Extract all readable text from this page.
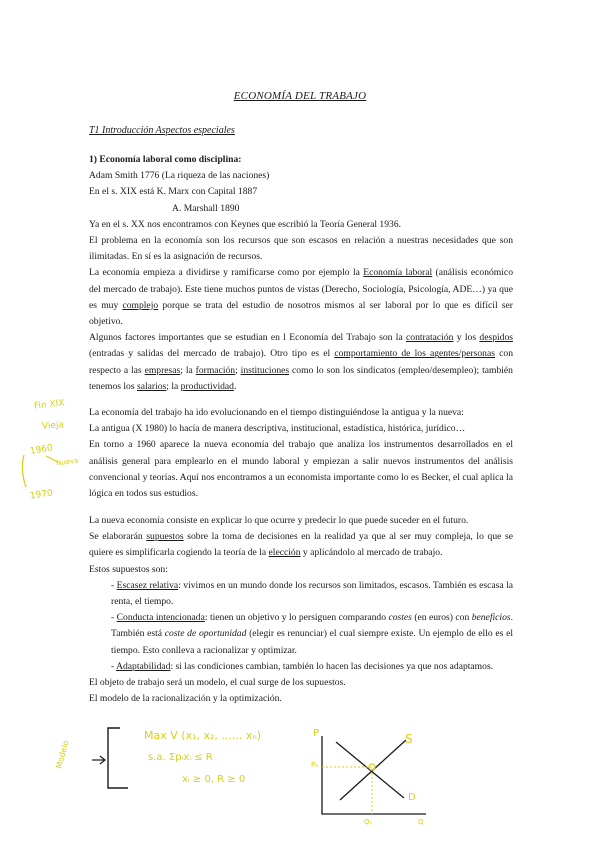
ECONOMÍA DEL TRABAJO
T1 Introducción Aspectos especiales

1) Economía laboral como disciplina:

Adam Smith 1776 (La riqueza de las naciones)

En el s. XIX está K. Marx con Capital 1887

A. Marshall 1890

Ya en el s. XX nos encontramos con Keynes que escribió la Teoría General 1936.

El problema en la economía son los recursos que son escasos en relación a nuestras necesidades que son ilimitadas. En sí es la asignación de recursos.

La economía empieza a dividirse y ramificarse como por ejemplo la Economía laboral (análisis económico del mercado de trabajo). Este tiene muchos puntos de vistas (Derecho, Sociología, Psicología, ADE…) ya que es muy complejo porque se trata del estudio de nosotros mismos al ser laboral por lo que es difícil ser objetivo.

Algunos factores importantes que se estudian en l Economía del Trabajo son la contratación y los despidos (entradas y salidas del mercado de trabajo). Otro tipo es el comportamiento de los agentes/personas con respecto a las empresas; la formación; instituciones como lo son los sindicatos (empleo/desempleo); también tenemos los salarios; la productividad.

La economía del trabajo ha ido evolucionando en el tiempo distinguiéndose la antigua y la nueva:

La antigua (X 1980) lo hacía de manera descriptiva, institucional, estadística, histórica, jurídico…

En torno a 1960 aparece la nueva economía del trabajo que analiza los instrumentos desarrollados en el análisis general para emplearlo en el mundo laboral y empiezan a salir nuevos instrumentos del análisis convencional y teorías. Aquí nos encontramos a un economista importante como lo es Becker, el cual aplica la lógica en todos sus estudios.

La nueva economía consiste en explicar lo que ocurre y predecir lo que puede suceder en el futuro.

Se elaborarán supuestos sobre la toma de decisiones en la realidad ya que al ser muy compleja, lo que se quiere es simplificarla cogiendo la teoría de la elección y aplicándolo al mercado de trabajo.

Estos supuestos son:

- Escasez relativa: vivimos en un mundo donde los recursos son limitados, escasos. También es escasa la renta, el tiempo.

- Conducta intencionada: tienen un objetivo y lo persiguen comparando costes (en euros) con beneficios. También está coste de oportunidad (elegir es renunciar) el cual siempre existe. Un ejemplo de ello es el tiempo. Esto conlleva a racionalizar y optimizar.

- Adaptabilidad: si las condiciones cambian, también lo hacen las decisiones ya que nos adaptamos.

El objeto de trabajo será un modelo, el cual surge de los supuestos.

El modelo de la racionalización y la optimización.

Fin XIX
Vieja
1960
Nueva
1970
Modelo
Max V (x₁, x₂, ...... xₙ)
s.a. Σpᵢxᵢ ≤ R
xᵢ ≥ 0, R ≥ 0
P	S
D
Pₑ
Qₑ	Q
